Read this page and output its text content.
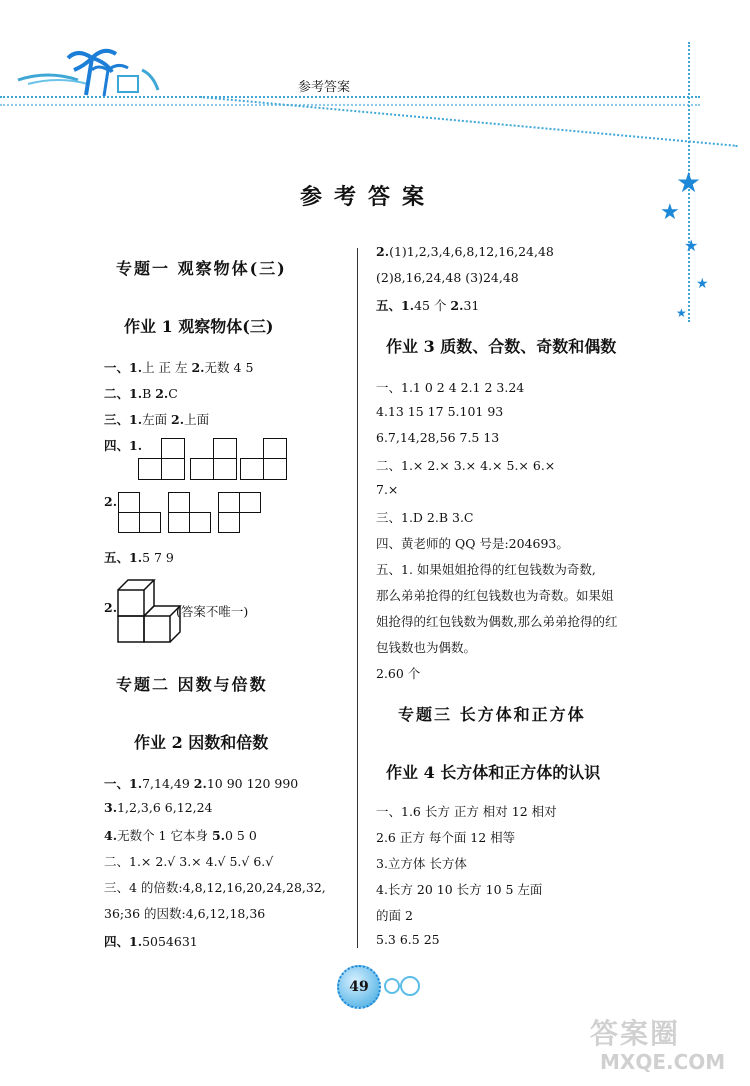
参考答案
★
★
★
★
★
参考答案
专题一 观察物体(三)
作业 1 观察物体(三)
一、1.上 正 左 2.无数 4 5
二、1.B 2.C
三、1.左面 2.上面
四、1.
2.
五、1.5 7 9
2.	(答案不唯一)
专题二 因数与倍数
作业 2 因数和倍数
一、1.7,14,49 2.10 90 120 990
3.1,2,3,6 6,12,24
4.无数个 1 它本身 5.0 5 0
二、1.× 2.√ 3.× 4.√ 5.√ 6.√
三、4 的倍数:4,8,12,16,20,24,28,32,
36;36 的因数:4,6,12,18,36
四、1.5054631
2.(1)1,2,3,4,6,8,12,16,24,48
(2)8,16,24,48 (3)24,48
五、1.45 个 2.31
作业 3 质数、合数、奇数和偶数
一、1.1 0 2 4 2.1 2 3.24
4.13 15 17 5.101 93
6.7,14,28,56 7.5 13
二、1.× 2.× 3.× 4.× 5.× 6.×
7.×
三、1.D 2.B 3.C
四、黄老师的 QQ 号是:204693。
五、1. 如果姐姐抢得的红包钱数为奇数,
那么弟弟抢得的红包钱数也为奇数。如果姐
姐抢得的红包钱数为偶数,那么弟弟抢得的红
包钱数也为偶数。
2.60 个
专题三 长方体和正方体
作业 4 长方体和正方体的认识
一、1.6 长方 正方 相对 12 相对
2.6 正方 每个面 12 相等
3.立方体 长方体
4.长方 20 10 长方 10 5 左面
的面 2
5.3 6.5 25
49
答案圈
MXQE.COM
